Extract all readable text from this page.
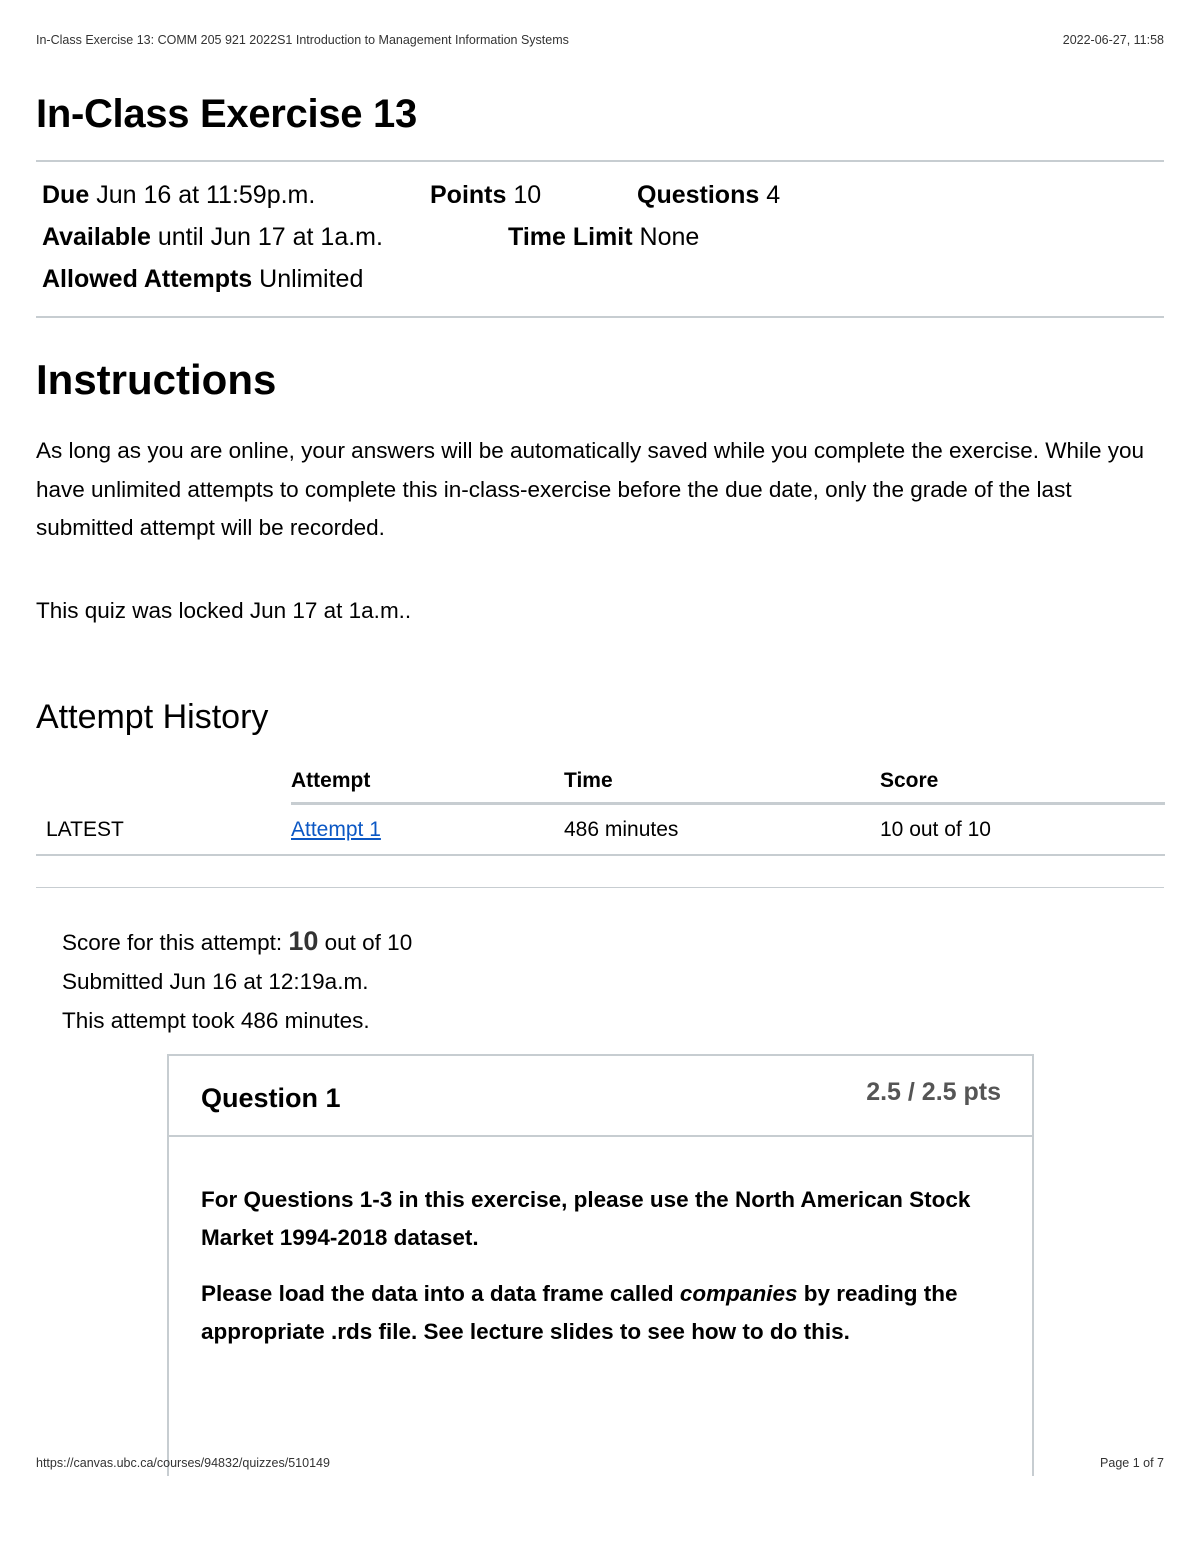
In-Class Exercise 13: COMM 205 921 2022S1 Introduction to Management Information Systems	2022-06-27, 11:58
In-Class Exercise 13
Due Jun 16 at 11:59p.m.	Points 10	Questions 4
Available until Jun 17 at 1a.m.	Time Limit None
Allowed Attempts Unlimited
Instructions

As long as you are online, your answers will be automatically saved while you complete the exercise. While you have unlimited attempts to complete this in-class-exercise before the due date, only the grade of the last submitted attempt will be recorded.

This quiz was locked Jun 17 at 1a.m..

Attempt History
	Attempt	Time	Score
LATEST	Attempt 1	486 minutes	10 out of 10
Score for this attempt: 10 out of 10
Submitted Jun 16 at 12:19a.m.
This attempt took 486 minutes.
Question 1	2.5 / 2.5 pts

For Questions 1-3 in this exercise, please use the North American Stock Market 1994-2018 dataset.

Please load the data into a data frame called companies by reading the appropriate .rds file. See lecture slides to see how to do this.

https://canvas.ubc.ca/courses/94832/quizzes/510149	Page 1 of 7
